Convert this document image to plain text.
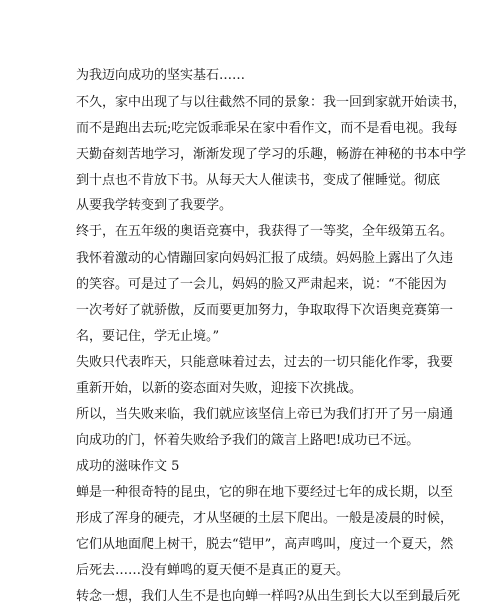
为我迈向成功的坚实基石……
不久，家中出现了与以往截然不同的景象：我一回到家就开始读书，
而不是跑出去玩;吃完饭乖乖呆在家中看作文，而不是看电视。我每
天勤奋刻苦地学习，渐渐发现了学习的乐趣，畅游在神秘的书本中学
到十点也不肯放下书。从每天大人催读书，变成了催睡觉。彻底
从要我学转变到了我要学。
终于，在五年级的奥语竞赛中，我获得了一等奖，全年级第五名。
我怀着激动的心情蹦回家向妈妈汇报了成绩。妈妈脸上露出了久违
的笑容。可是过了一会儿，妈妈的脸又严肃起来，说：“不能因为
一次考好了就骄傲，反而要更加努力，争取取得下次语奥竞赛第一
名，要记住，学无止境。”
失败只代表昨天，只能意味着过去，过去的一切只能化作零，我要
重新开始，以新的姿态面对失败，迎接下次挑战。
所以，当失败来临，我们就应该坚信上帝已为我们打开了另一扇通
向成功的门，怀着失败给予我们的箴言上路吧!成功已不远。
成功的滋味作文 5
蝉是一种很奇特的昆虫，它的卵在地下要经过七年的成长期，以至
形成了浑身的硬壳，才从坚硬的土层下爬出。一般是凌晨的时候，
它们从地面爬上树干，脱去“铠甲”，高声鸣叫，度过一个夏天，然
后死去……没有蝉鸣的夏天便不是真正的夏天。
转念一想，我们人生不是也向蝉一样吗?从出生到长大以至到最后死
